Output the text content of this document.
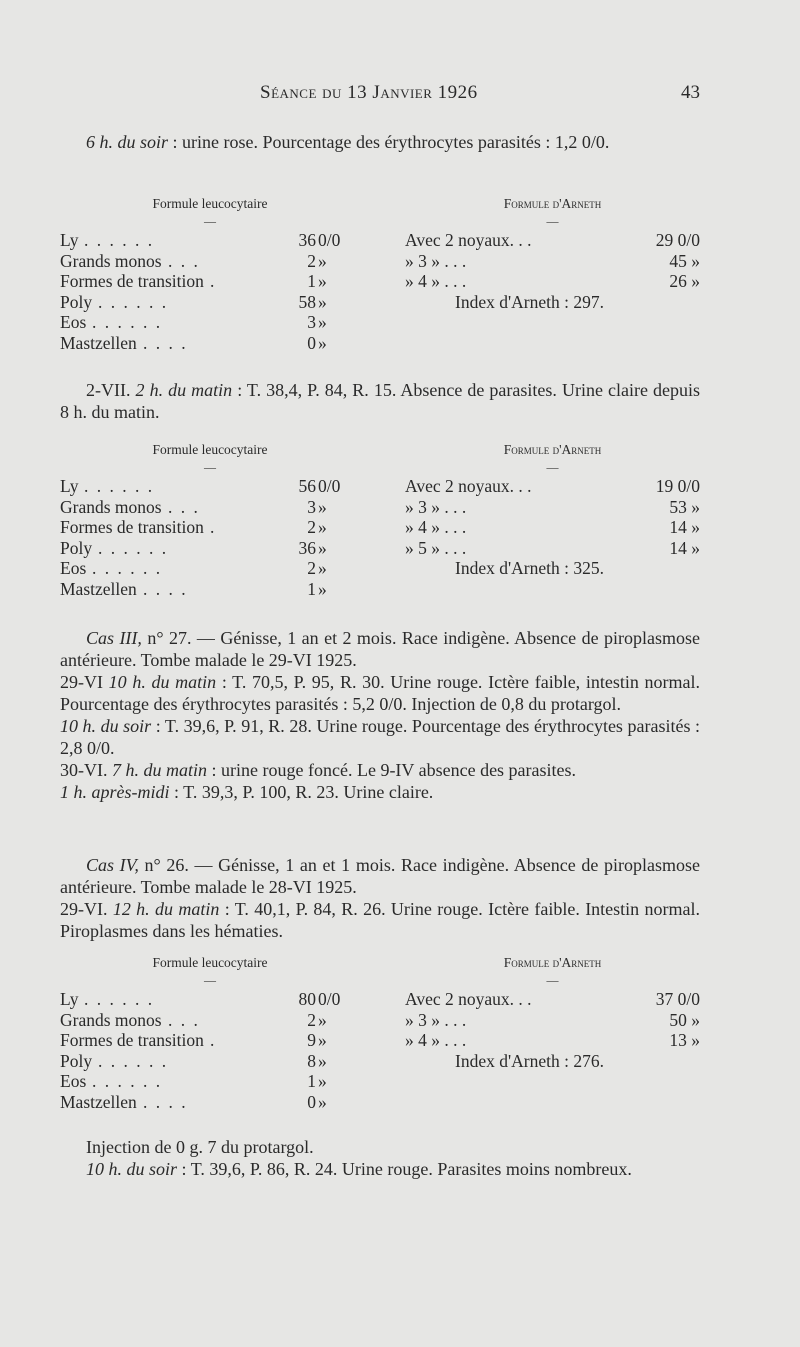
Séance du 13 Janvier 1926	43
6 h. du soir : urine rose. Pourcentage des érythrocytes parasités : 1,2 0/0.
Formule leucocytaire
—
Ly . . . . . .	36 0/0
Grands monos . . .	2 »
Formes de transition .	1 »
Poly . . . . . .	58 »
Eos . . . . . .	3 »
Mastzellen . . . .	0 »
Formule d'Arneth
—
Avec 2 noyaux. . .	29 0/0
» 3 » . . .	45 »
» 4 » . . .	26 »
Index d'Arneth : 297.
2-VII. 2 h. du matin : T. 38,4, P. 84, R. 15. Absence de parasites. Urine claire depuis 8 h. du matin.
Formule leucocytaire
—
Ly . . . . . .	56 0/0
Grands monos . . .	3 »
Formes de transition .	2 »
Poly . . . . . .	36 »
Eos . . . . . .	2 »
Mastzellen . . . .	1 »
Formule d'Arneth
—
Avec 2 noyaux. . .	19 0/0
» 3 » . . .	53 »
» 4 » . . .	14 »
» 5 » . . .	14 »
Index d'Arneth : 325.
Cas III, n° 27. — Génisse, 1 an et 2 mois. Race indigène. Absence de piroplasmose antérieure. Tombe malade le 29-VI 1925.
29-VI 10 h. du matin : T. 70,5, P. 95, R. 30. Urine rouge. Ictère faible, intestin normal. Pourcentage des érythrocytes parasités : 5,2 0/0. Injection de 0,8 du protargol.
10 h. du soir : T. 39,6, P. 91, R. 28. Urine rouge. Pourcentage des érythrocytes parasités : 2,8 0/0.
30-VI. 7 h. du matin : urine rouge foncé. Le 9-IV absence des parasites.
1 h. après-midi : T. 39,3, P. 100, R. 23. Urine claire.
Cas IV, n° 26. — Génisse, 1 an et 1 mois. Race indigène. Absence de piroplasmose antérieure. Tombe malade le 28-VI 1925.
29-VI. 12 h. du matin : T. 40,1, P. 84, R. 26. Urine rouge. Ictère faible. Intestin normal. Piroplasmes dans les hématies.
Formule leucocytaire
—
Ly . . . . . .	80 0/0
Grands monos . . .	2 »
Formes de transition .	9 »
Poly . . . . . .	8 »
Eos . . . . . .	1 »
Mastzellen . . . .	0 »
Formule d'Arneth
—
Avec 2 noyaux. . .	37 0/0
» 3 » . . .	50 »
» 4 » . . .	13 »
Index d'Arneth : 276.
Injection de 0 g. 7 du protargol.
10 h. du soir : T. 39,6, P. 86, R. 24. Urine rouge. Parasites moins nombreux.
